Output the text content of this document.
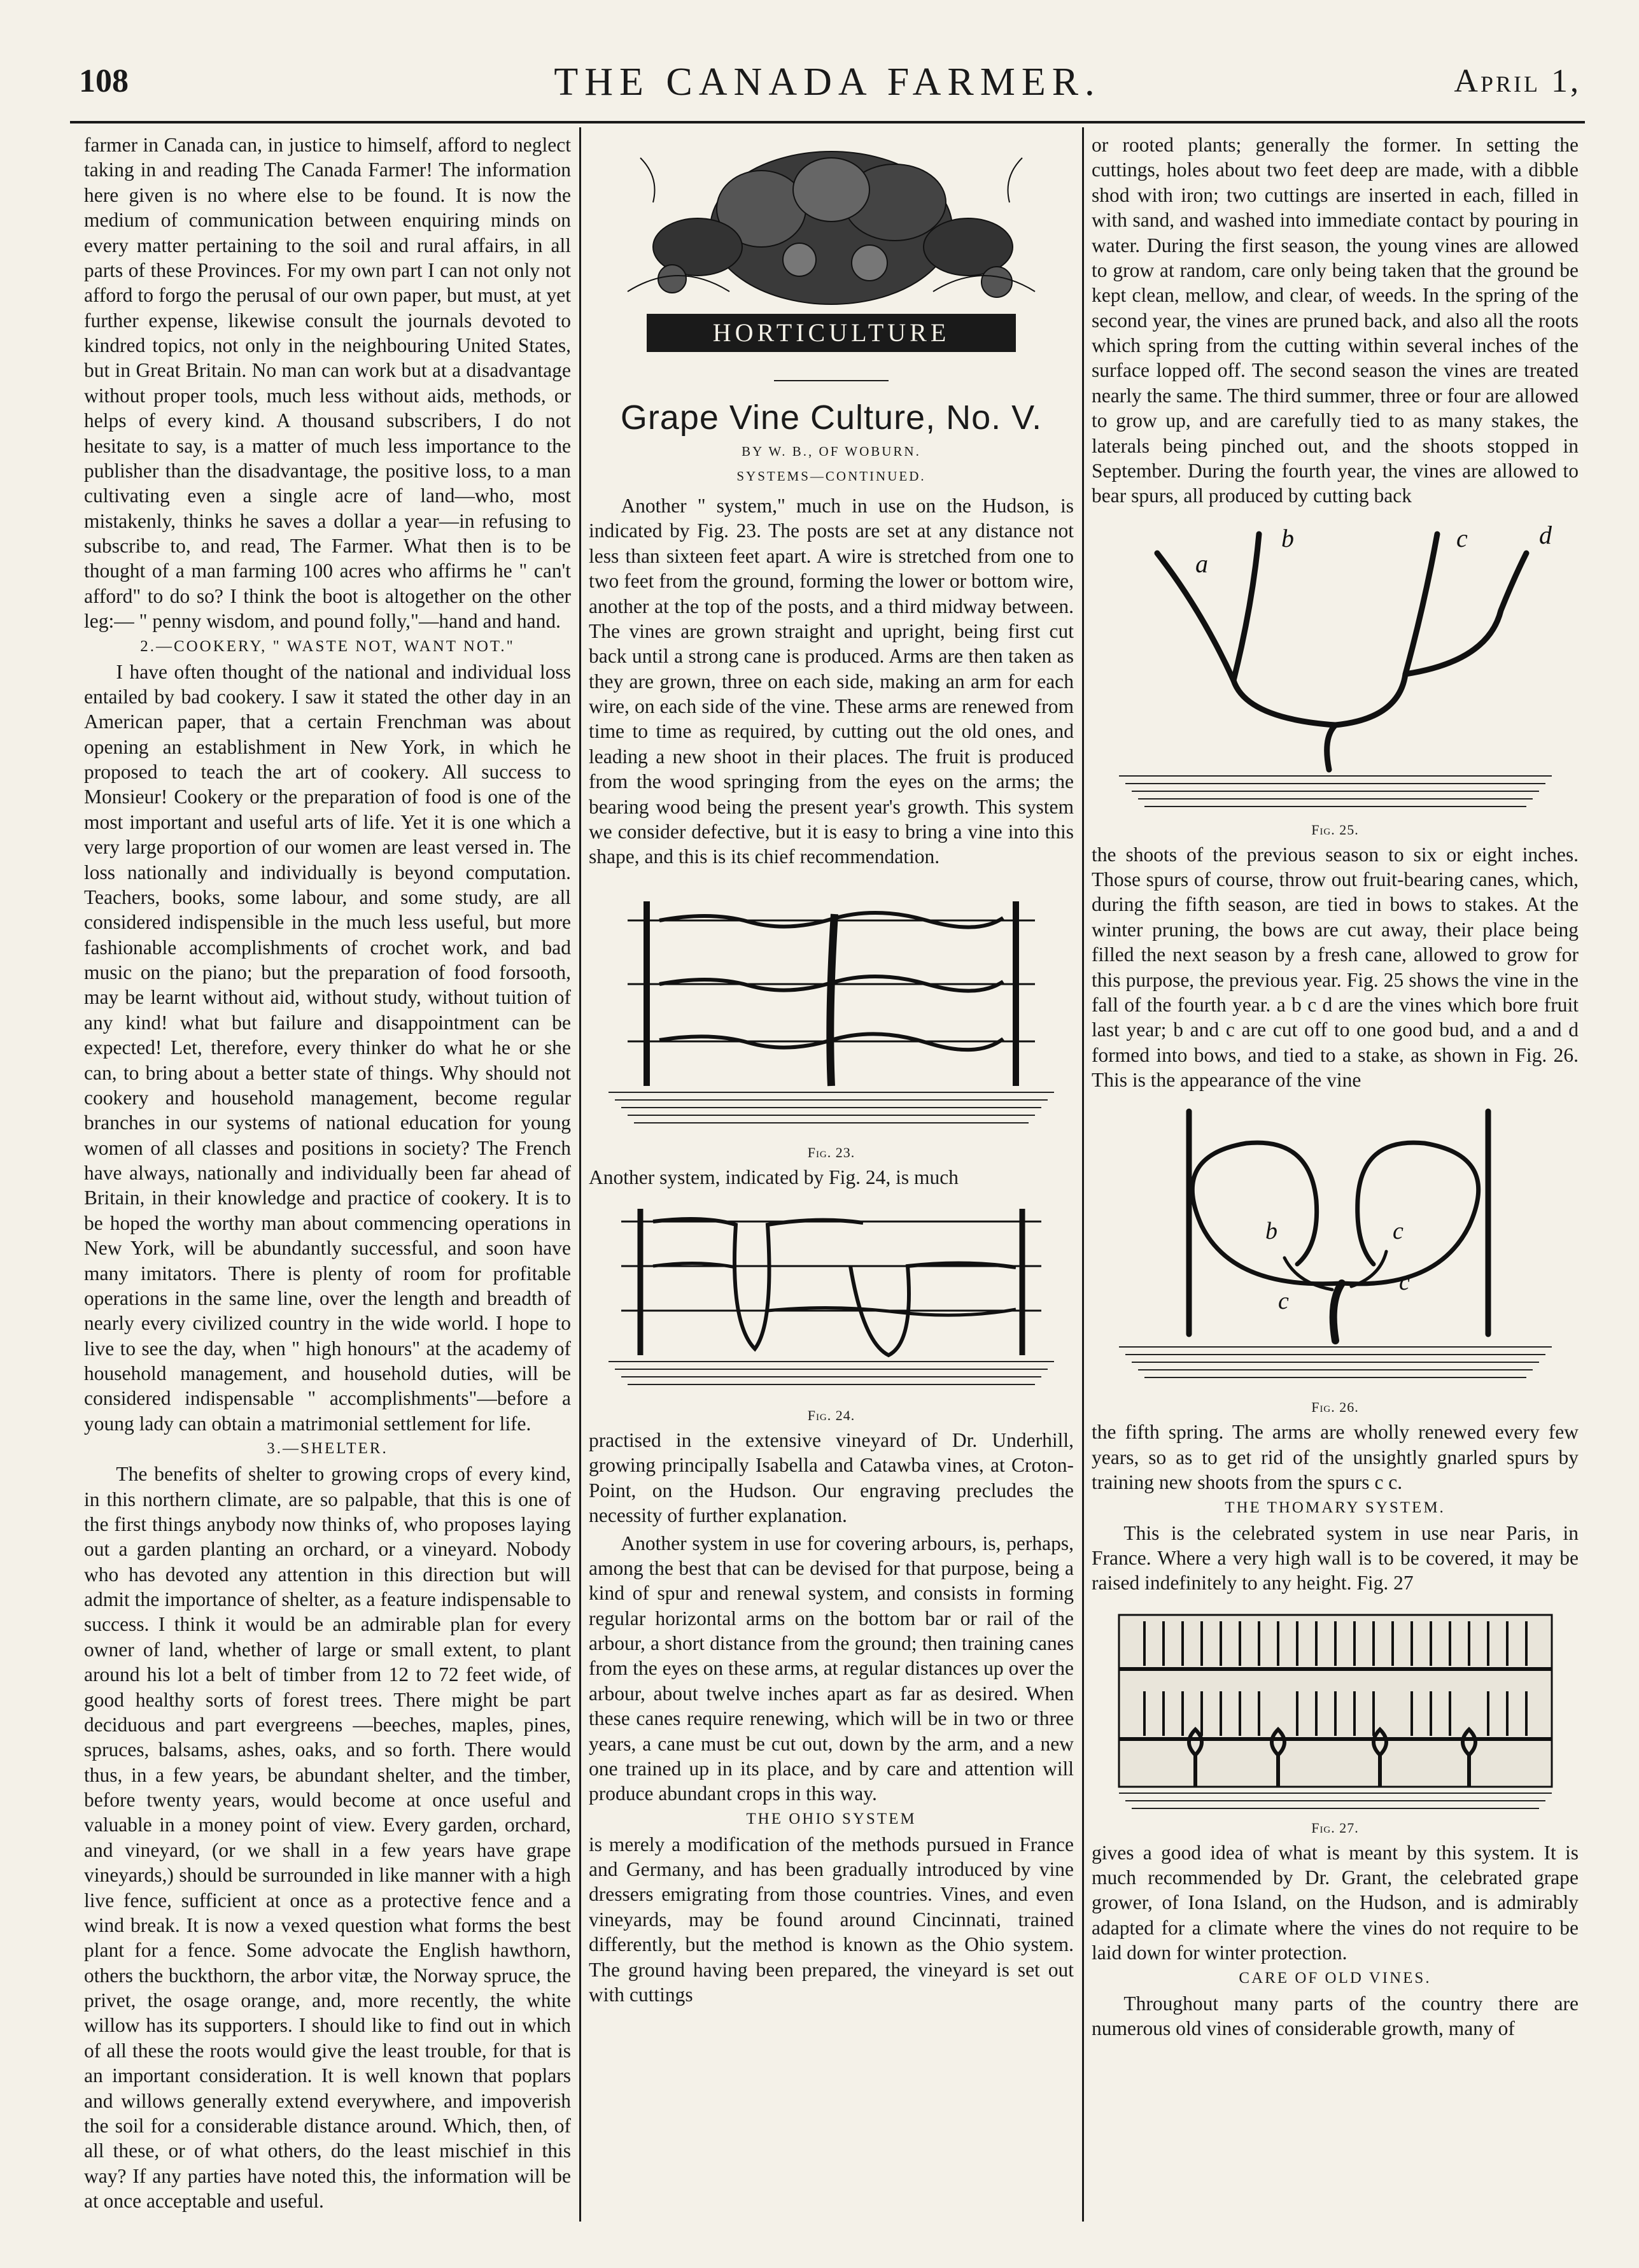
108	THE CANADA FARMER.	April 1,

farmer in Canada can, in justice to himself, afford to neglect taking in and reading The Canada Farmer! The information here given is no where else to be found. It is now the medium of communication between enquiring minds on every matter pertaining to the soil and rural affairs, in all parts of these Provinces. For my own part I can not only not afford to forgo the perusal of our own paper, but must, at yet further expense, likewise consult the journals devoted to kindred topics, not only in the neighbouring United States, but in Great Britain. No man can work but at a disadvantage without proper tools, much less without aids, methods, or helps of every kind. A thousand subscribers, I do not hesitate to say, is a matter of much less importance to the publisher than the disadvantage, the positive loss, to a man cultivating even a single acre of land—who, most mistakenly, thinks he saves a dollar a year—in refusing to subscribe to, and read, The Farmer. What then is to be thought of a man farming 100 acres who affirms he " can't afford" to do so? I think the boot is altogether on the other leg:— " penny wisdom, and pound folly,"—hand and hand.

2.—COOKERY, " WASTE NOT, WANT NOT."

I have often thought of the national and individual loss entailed by bad cookery. I saw it stated the other day in an American paper, that a certain Frenchman was about opening an establishment in New York, in which he proposed to teach the art of cookery. All success to Monsieur! Cookery or the preparation of food is one of the most important and useful arts of life. Yet it is one which a very large proportion of our women are least versed in. The loss nationally and individually is beyond computation. Teachers, books, some labour, and some study, are all considered indispensible in the much less useful, but more fashionable accomplishments of crochet work, and bad music on the piano; but the preparation of food forsooth, may be learnt without aid, without study, without tuition of any kind! what but failure and disappointment can be expected! Let, therefore, every thinker do what he or she can, to bring about a better state of things. Why should not cookery and household management, become regular branches in our systems of national education for young women of all classes and positions in society? The French have always, nationally and individually been far ahead of Britain, in their knowledge and practice of cookery. It is to be hoped the worthy man about commencing operations in New York, will be abundantly successful, and soon have many imitators. There is plenty of room for profitable operations in the same line, over the length and breadth of nearly every civilized country in the wide world. I hope to live to see the day, when " high honours" at the academy of household management, and household duties, will be considered indispensable " accomplishments"—before a young lady can obtain a matrimonial settlement for life.

3.—SHELTER.

The benefits of shelter to growing crops of every kind, in this northern climate, are so palpable, that this is one of the first things anybody now thinks of, who proposes laying out a garden planting an orchard, or a vineyard. Nobody who has devoted any attention in this direction but will admit the importance of shelter, as a feature indispensable to success. I think it would be an admirable plan for every owner of land, whether of large or small extent, to plant around his lot a belt of timber from 12 to 72 feet wide, of good healthy sorts of forest trees. There might be part deciduous and part evergreens —beeches, maples, pines, spruces, balsams, ashes, oaks, and so forth. There would thus, in a few years, be abundant shelter, and the timber, before twenty years, would become at once useful and valuable in a money point of view. Every garden, orchard, and vineyard, (or we shall in a few years have grape vineyards,) should be surrounded in like manner with a high live fence, sufficient at once as a protective fence and a wind break. It is now a vexed question what forms the best plant for a fence. Some advocate the English hawthorn, others the buckthorn, the arbor vitæ, the Norway spruce, the privet, the osage orange, and, more recently, the white willow has its supporters. I should like to find out in which of all these the roots would give the least trouble, for that is an important consideration. It is well known that poplars and willows generally extend everywhere, and impoverish the soil for a considerable distance around. Which, then, of all these, or of what others, do the least mischief in this way? If any parties have noted this, the information will be at once acceptable and useful.

HORTICULTURE
Grape Vine Culture, No. V.
BY W. B., OF WOBURN.
SYSTEMS—CONTINUED.

Another " system," much in use on the Hudson, is indicated by Fig. 23. The posts are set at any distance not less than sixteen feet apart. A wire is stretched from one to two feet from the ground, forming the lower or bottom wire, another at the top of the posts, and a third midway between. The vines are grown straight and upright, being first cut back until a strong cane is produced. Arms are then taken as they are grown, three on each side, making an arm for each wire, on each side of the vine. These arms are renewed from time to time as required, by cutting out the old ones, and leading a new shoot in their places. The fruit is produced from the wood springing from the eyes on the arms; the bearing wood being the present year's growth. This system we consider defective, but it is easy to bring a vine into this shape, and this is its chief recommendation.

Fig. 23.

Another system, indicated by Fig. 24, is much

Fig. 24.

practised in the extensive vineyard of Dr. Underhill, growing principally Isabella and Catawba vines, at Croton-Point, on the Hudson. Our engraving precludes the necessity of further explanation.

Another system in use for covering arbours, is, perhaps, among the best that can be devised for that purpose, being a kind of spur and renewal system, and consists in forming regular horizontal arms on the bottom bar or rail of the arbour, a short distance from the ground; then training canes from the eyes on these arms, at regular distances up over the arbour, about twelve inches apart as far as desired. When these canes require renewing, which will be in two or three years, a cane must be cut out, down by the arm, and a new one trained up in its place, and by care and attention will produce abundant crops in this way.

THE OHIO SYSTEM

is merely a modification of the methods pursued in France and Germany, and has been gradually introduced by vine dressers emigrating from those countries. Vines, and even vineyards, may be found around Cincinnati, trained differently, but the method is known as the Ohio system. The ground having been prepared, the vineyard is set out with cuttings

or rooted plants; generally the former. In setting the cuttings, holes about two feet deep are made, with a dibble shod with iron; two cuttings are inserted in each, filled in with sand, and washed into immediate contact by pouring in water. During the first season, the young vines are allowed to grow at random, care only being taken that the ground be kept clean, mellow, and clear, of weeds. In the spring of the second year, the vines are pruned back, and also all the roots which spring from the cutting within several inches of the surface lopped off. The second season the vines are treated nearly the same. The third summer, three or four are allowed to grow up, and are carefully tied to as many stakes, the laterals being pinched out, and the shoots stopped in September. During the fourth year, the vines are allowed to bear spurs, all produced by cutting back

a
b	c	d
Fig. 25.

the shoots of the previous season to six or eight inches. Those spurs of course, throw out fruit-bearing canes, which, during the fifth season, are tied in bows to stakes. At the winter pruning, the bows are cut away, their place being filled the next season by a fresh cane, allowed to grow for this purpose, the previous year. Fig. 25 shows the vine in the fall of the fourth year. a b c d are the vines which bore fruit last year; b and c are cut off to one good bud, and a and d formed into bows, and tied to a stake, as shown in Fig. 26. This is the appearance of the vine

b	c
c
c
Fig. 26.

the fifth spring. The arms are wholly renewed every few years, so as to get rid of the unsightly gnarled spurs by training new shoots from the spurs c c.

THE THOMARY SYSTEM.

This is the celebrated system in use near Paris, in France. Where a very high wall is to be covered, it may be raised indefinitely to any height. Fig. 27

Fig. 27.

gives a good idea of what is meant by this system. It is much recommended by Dr. Grant, the celebrated grape grower, of Iona Island, on the Hudson, and is admirably adapted for a climate where the vines do not require to be laid down for winter protection.

CARE OF OLD VINES.

Throughout many parts of the country there are numerous old vines of considerable growth, many of
